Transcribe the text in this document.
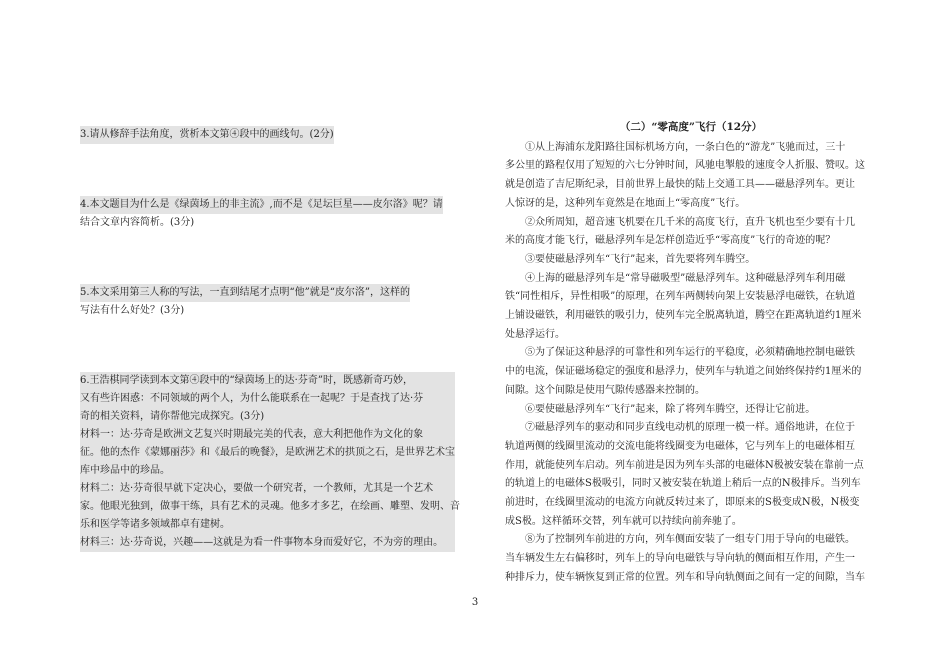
3.请从修辞手法角度，赏析本文第④段中的画线句。(2分)
4.本文题目为什么是《绿茵场上的非主流》,而不是《足坛巨星——皮尔洛》呢？请
结合文章内容简析。(3分)
5.本文采用第三人称的写法，一直到结尾才点明“他”就是“皮尔洛”，这样的
写法有什么好处？(3分)
6.王浩棋同学读到本文第④段中的“绿茵场上的达·芬奇”时，既感新奇巧妙，
又有些许困惑：不同领域的两个人，为什么能联系在一起呢？于是查找了达·芬
奇的相关资料，请你帮他完成探究。(3分)
材料一：达·芬奇是欧洲文艺复兴时期最完美的代表，意大利把他作为文化的象
征。他的杰作《蒙娜丽莎》和《最后的晚餐》，是欧洲艺术的拱顶之石，是世界艺术宝
库中珍品中的珍品。
材料二：达·芬奇很早就下定决心，要做一个研究者，一个教师，尤其是一个艺术
家。他眼光独到，做事干练，具有艺术的灵魂。他多才多艺，在绘画、雕塑、发明、音
乐和医学等诸多领域都卓有建树。
材料三：达·芬奇说，兴趣——这就是为看一件事物本身而爱好它，不为旁的理由。

（二）“零高度”飞行（12分）

①从上海浦东龙阳路往国标机场方向，一条白色的“游龙”飞驰而过，三十
多公里的路程仅用了短短的六七分钟时间，风驰电掣般的速度令人折服、赞叹。这
就是创造了吉尼斯纪录，目前世界上最快的陆上交通工具——磁悬浮列车。更让
人惊讶的是，这种列车竟然是在地面上“零高度”飞行。
②众所周知，超音速飞机要在几千米的高度飞行，直升飞机也至少要有十几
米的高度才能飞行，磁悬浮列车是怎样创造近乎“零高度”飞行的奇迹的呢？
③要使磁悬浮列车“飞行”起来，首先要将列车腾空。
④上海的磁悬浮列车是“常导磁吸型”磁悬浮列车。这种磁悬浮列车利用磁
铁“同性相斥，异性相吸”的原理，在列车两侧转向架上安装悬浮电磁铁，在轨道
上铺设磁铁，利用磁铁的吸引力，使列车完全脱离轨道，腾空在距离轨道约1厘米
处悬浮运行。
⑤为了保证这种悬浮的可靠性和列车运行的平稳度，必须精确地控制电磁铁
中的电流，保证磁场稳定的强度和悬浮力，使列车与轨道之间始终保持约1厘米的
间隙。这个间隙是使用气隙传感器来控制的。
⑥要使磁悬浮列车“飞行”起来，除了将列车腾空，还得让它前进。
⑦磁悬浮列车的驱动和同步直线电动机的原理一模一样。通俗地讲，在位于
轨道两侧的线圈里流动的交流电能将线圈变为电磁体，它与列车上的电磁体相互
作用，就能使列车启动。列车前进是因为列车头部的电磁体N极被安装在靠前一点
的轨道上的电磁体S极吸引，同时又被安装在轨道上稍后一点的N极排斥。当列车
前进时，在线圈里流动的电流方向就反转过来了，即原来的S极变成N极，N极变
成S极。这样循环交替，列车就可以持续向前奔驰了。
⑧为了控制列车前进的方向，列车侧面安装了一组专门用于导向的电磁铁。
当车辆发生左右偏移时，列车上的导向电磁铁与导向轨的侧面相互作用，产生一
种排斥力，使车辆恢复到正常的位置。列车和导向轨侧面之间有一定的间隙，当车
3
